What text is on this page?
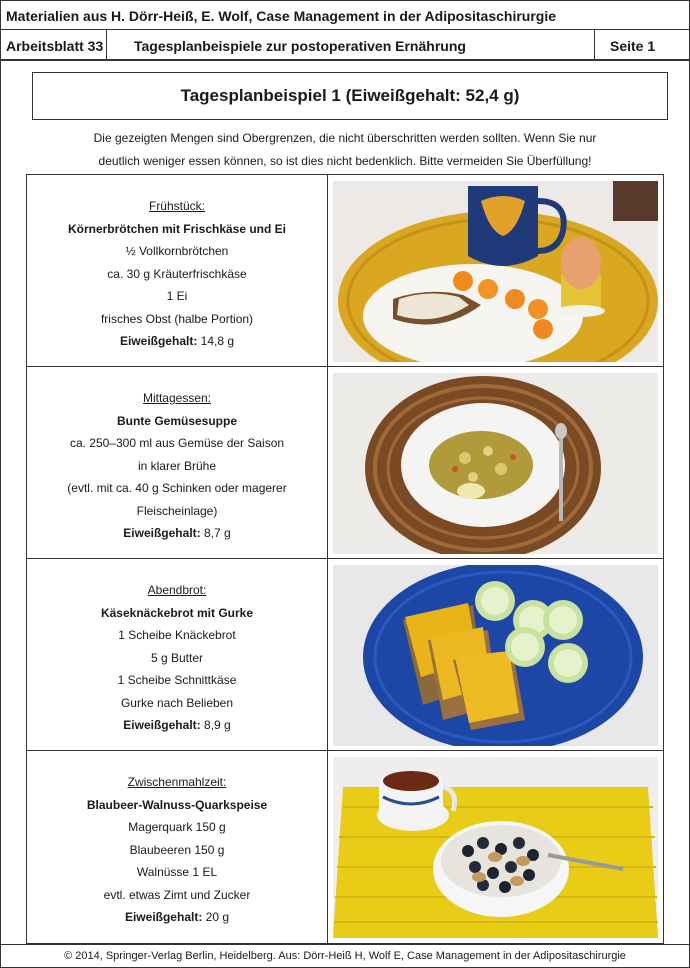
Materialien aus H. Dörr-Heiß, E. Wolf, Case Management in der Adipositaschirurgie
Arbeitsblatt 33 Tagesplanbeispiele zur postoperativen Ernährung	Seite 1
Tagesplanbeispiel 1 (Eiweißgehalt: 52,4 g)
Die gezeigten Mengen sind Obergrenzen, die nicht überschritten werden sollten. Wenn Sie nur
deutlich weniger essen können, so ist dies nicht bedenklich. Bitte vermeiden Sie Überfüllung!
Frühstück:
Körnerbrötchen mit Frischkäse und Ei
½ Vollkornbrötchen
ca. 30 g Kräuterfrischkäse
1 Ei
frisches Obst (halbe Portion)
Eiweißgehalt: 14,8 g
Mittagessen:
Bunte Gemüsesuppe
ca. 250–300 ml aus Gemüse der Saison
in klarer Brühe
(evtl. mit ca. 40 g Schinken oder magerer
Fleischeinlage)
Eiweißgehalt: 8,7 g
Abendbrot:
Käseknäckebrot mit Gurke
1 Scheibe Knäckebrot
5 g Butter
1 Scheibe Schnittkäse
Gurke nach Belieben
Eiweißgehalt: 8,9 g
Zwischenmahlzeit:
Blaubeer-Walnuss-Quarkspeise
Magerquark 150 g
Blaubeeren 150 g
Walnüsse 1 EL
evtl. etwas Zimt und Zucker
Eiweißgehalt: 20 g
© 2014, Springer-Verlag Berlin, Heidelberg. Aus: Dörr-Heiß H, Wolf E, Case Management in der Adipositaschirurgie
